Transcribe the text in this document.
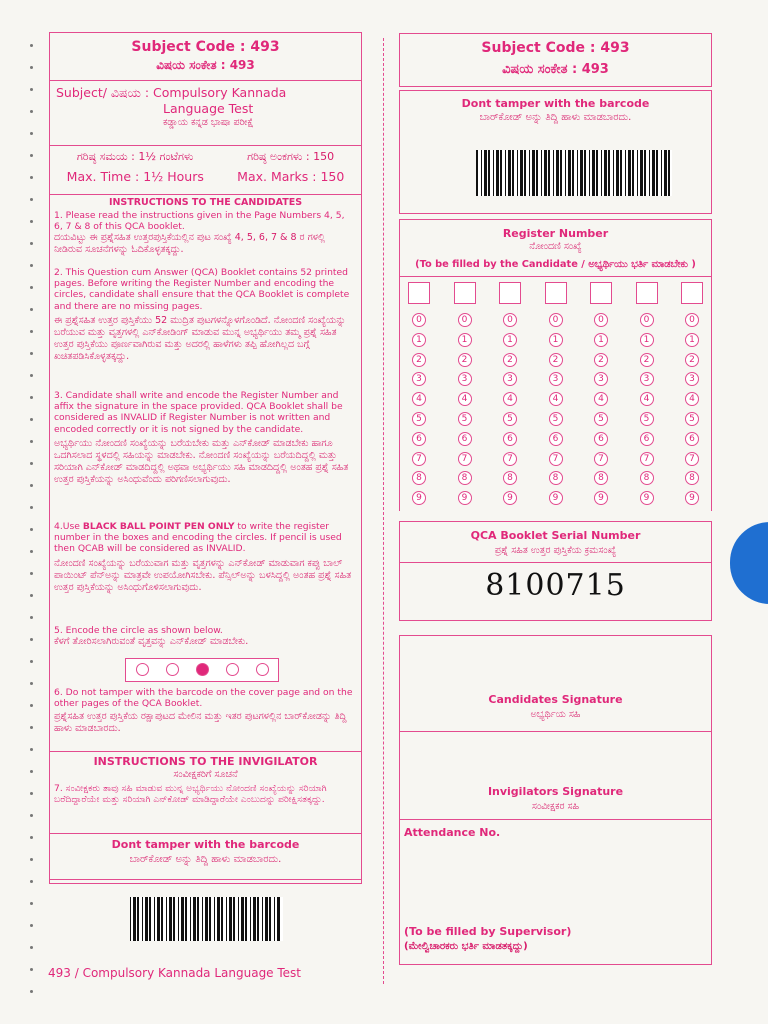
Subject Code : 493
ವಿಷಯ ಸಂಕೇತ : 493
Subject/ ವಿಷಯ : Compulsory Kannada
Language Test
ಕಡ್ಡಾಯ ಕನ್ನಡ ಭಾಷಾ ಪರೀಕ್ಷೆ
ಗರಿಷ್ಠ ಸಮಯ : 1½ ಗಂಟೆಗಳು	ಗರಿಷ್ಠ ಅಂಕಗಳು : 150
Max. Time : 1½ Hours	Max. Marks : 150
INSTRUCTIONS TO THE CANDIDATES
1. Please read the instructions given in the Page Numbers 4, 5, 6, 7 & 8 of this QCA booklet.
ದಯವಿಟ್ಟು ಈ ಪ್ರಶ್ನೆಸಹಿತ ಉತ್ತರಪುಸ್ತಿಕೆಯಲ್ಲಿನ ಪುಟ ಸಂಖ್ಯೆ 4, 5, 6, 7 & 8 ರ ಗಳಲ್ಲಿ ನೀಡಿರುವ ಸೂಚನೆಗಳನ್ನು ಓದಿಕೊಳ್ಳತಕ್ಕದ್ದು.
2. This Question cum Answer (QCA) Booklet contains 52 printed pages. Before writing the Register Number and encoding the circles, candidate shall ensure that the QCA Booklet is complete and there are no missing pages.
ಈ ಪ್ರಶ್ನೆಸಹಿತ ಉತ್ತರ ಪುಸ್ತಿಕೆಯು 52 ಮುದ್ರಿತ ಪುಟಗಳನ್ನೊಳಗೊಂಡಿದೆ. ನೋಂದಣಿ ಸಂಖ್ಯೆಯನ್ನು ಬರೆಯುವ ಮತ್ತು ವೃತ್ತಗಳಲ್ಲಿ ಎನ್‌ಕೋಡಿಂಗ್ ಮಾಡುವ ಮುನ್ನ ಅಭ್ಯರ್ಥಿಯು ತಮ್ಮ ಪ್ರಶ್ನೆ ಸಹಿತ ಉತ್ತರ ಪುಸ್ತಿಕೆಯು ಪೂರ್ಣವಾಗಿರುವ ಮತ್ತು ಅದರಲ್ಲಿ ಹಾಳೆಗಳು ತಪ್ಪಿ ಹೋಗಿಲ್ಲದ ಬಗ್ಗೆ ಖಚಿತಪಡಿಸಿಕೊಳ್ಳತಕ್ಕದ್ದು.
3. Candidate shall write and encode the Register Number and affix the signature in the space provided. QCA Booklet shall be considered as INVALID if Register Number is not written and encoded correctly or it is not signed by the candidate.
ಅಭ್ಯರ್ಥಿಯು ನೋಂದಣಿ ಸಂಖ್ಯೆಯನ್ನು ಬರೆಯಬೇಕು ಮತ್ತು ಎನ್‌ಕೋಡ್ ಮಾಡಬೇಕು ಹಾಗೂ ಒದಗಿಸಲಾದ ಸ್ಥಳದಲ್ಲಿ ಸಹಿಯನ್ನು ಮಾಡಬೇಕು. ನೋಂದಣಿ ಸಂಖ್ಯೆಯನ್ನು ಬರೆಯದಿದ್ದಲ್ಲಿ ಮತ್ತು ಸರಿಯಾಗಿ ಎನ್‌ಕೋಡ್ ಮಾಡದಿದ್ದಲ್ಲಿ ಅಥವಾ ಅಭ್ಯರ್ಥಿಯು ಸಹಿ ಮಾಡದಿದ್ದಲ್ಲಿ ಅಂತಹ ಪ್ರಶ್ನೆ ಸಹಿತ ಉತ್ತರ ಪುಸ್ತಿಕೆಯನ್ನು ಅಸಿಂಧುವೆಂದು ಪರಿಗಣಿಸಲಾಗುವುದು.
4.Use BLACK BALL POINT PEN ONLY to write the register number in the boxes and encoding the circles. If pencil is used then QCAB will be considered as INVALID.
ನೋಂದಣಿ ಸಂಖ್ಯೆಯನ್ನು ಬರೆಯುವಾಗ ಮತ್ತು ವೃತ್ತಗಳನ್ನು ಎನ್‌ಕೋಡ್ ಮಾಡುವಾಗ ಕಪ್ಪು ಬಾಲ್ ಪಾಯಿಂಟ್ ಪೆನ್‌ಅನ್ನು ಮಾತ್ರವೇ ಉಪಯೋಗಿಸಬೇಕು. ಪೆನ್ಸಿಲ್‌ಅನ್ನು ಬಳಸಿದ್ದಲ್ಲಿ ಅಂತಹ ಪ್ರಶ್ನೆ ಸಹಿತ ಉತ್ತರ ಪುಸ್ತಿಕೆಯನ್ನು ಅಸಿಂಧುಗೊಳಿಸಲಾಗುವುದು.
5. Encode the circle as shown below.
ಕೆಳಗೆ ತೋರಿಸಲಾಗಿರುವಂತೆ ವೃತ್ತವನ್ನು ಎನ್‌ಕೋಡ್ ಮಾಡಬೇಕು.
6. Do not tamper with the barcode on the cover page and on the other pages of the QCA Booklet.
ಪ್ರಶ್ನೆಸಹಿತ ಉತ್ತರ ಪುಸ್ತಿಕೆಯ ರಕ್ಷಾಪುಟದ ಮೇಲಿನ ಮತ್ತು ಇತರ ಪುಟಗಳಲ್ಲಿನ ಬಾರ್‌ಕೋಡನ್ನು ತಿದ್ದಿ ಹಾಳು ಮಾಡಬಾರದು.
INSTRUCTIONS TO THE INVIGILATOR
ಸಂವೀಕ್ಷಕರಿಗೆ ಸೂಚನೆ
7. ಸಂವೀಕ್ಷಕರು ತಾವು ಸಹಿ ಮಾಡುವ ಮುನ್ನ ಅಭ್ಯರ್ಥಿಯು ನೋಂದಣಿ ಸಂಖ್ಯೆಯನ್ನು ಸರಿಯಾಗಿ ಬರೆದಿದ್ದಾರೆಯೇ ಮತ್ತು ಸರಿಯಾಗಿ ಎನ್‌ಕೋಡ್ ಮಾಡಿದ್ದಾರೆಯೇ ಎಂಬುದನ್ನು ಪರೀಕ್ಷಿಸತಕ್ಕದ್ದು.
Dont tamper with the barcode
ಬಾರ್‌ಕೋಡ್ ಅನ್ನು ತಿದ್ದಿ ಹಾಳು ಮಾಡಬಾರದು.
493 / Compulsory Kannada Language Test
Subject Code : 493
ವಿಷಯ ಸಂಕೇತ : 493
Dont tamper with the barcode
ಬಾರ್‌ಕೋಡ್ ಅನ್ನು ತಿದ್ದಿ ಹಾಳು ಮಾಡಬಾರದು.
Register Number
ನೋಂದಣಿ ಸಂಖ್ಯೆ
(To be filled by the Candidate / ಅಭ್ಯರ್ಥಿಯು ಭರ್ತಿ ಮಾಡಬೇಕು )
0
1
2
3
4
5
6
7
8
9
0
1
2
3
4
5
6
7
8
9
0
1
2
3
4
5
6
7
8
9
0
1
2
3
4
5
6
7
8
9
0
1
2
3
4
5
6
7
8
9
0
1
2
3
4
5
6
7
8
9
0
1
2
3
4
5
6
7
8
9
QCA Booklet Serial Number
ಪ್ರಶ್ನೆ ಸಹಿತ ಉತ್ತರ ಪುಸ್ತಿಕೆಯ ಕ್ರಮಸಂಖ್ಯೆ
8100715
Candidates Signature
ಅಭ್ಯರ್ಥಿಯ ಸಹಿ
Invigilators Signature
ಸಂವೀಕ್ಷಕರ ಸಹಿ
Attendance No.
(To be filled by Supervisor)
(ಮೇಲ್ವಿಚಾರಕರು ಭರ್ತಿ ಮಾಡತಕ್ಕದ್ದು)
